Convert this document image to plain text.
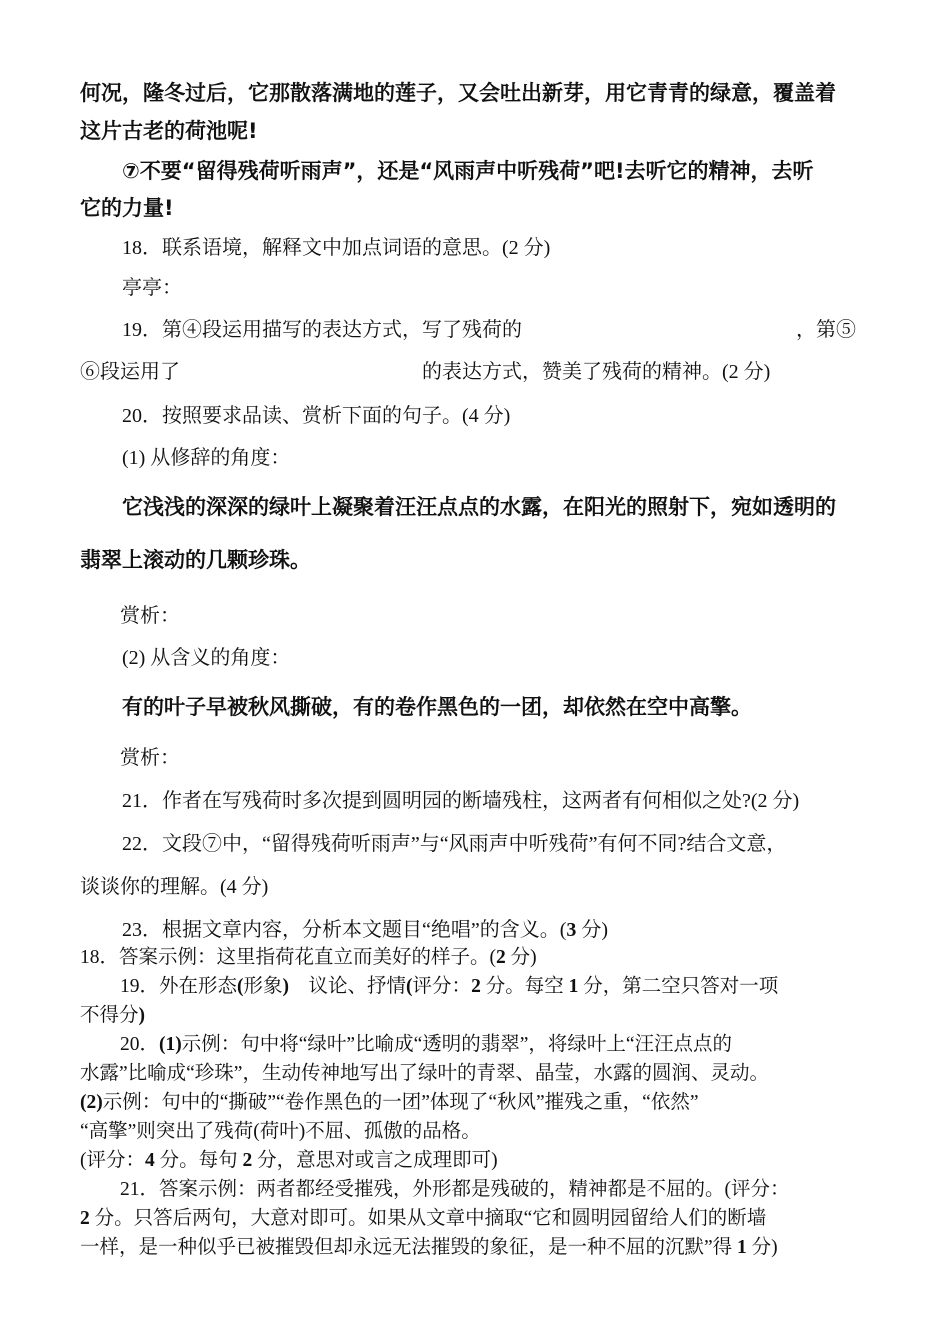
何况，隆冬过后，它那散落满地的莲子，又会吐出新芽，用它青青的绿意，覆盖着
这片古老的荷池呢!
⑦不要“留得残荷听雨声”，还是“风雨声中听残荷”吧!去听它的精神，去听
它的力量!
18．联系语境，解释文中加点词语的意思。(2 分)
亭亭：
19．第④段运用描写的表达方式，写了残荷的	，第⑤
⑥段运用了	的表达方式，赞美了残荷的精神。(2 分)
20．按照要求品读、赏析下面的句子。(4 分)
(1) 从修辞的角度：
它浅浅的深深的绿叶上凝聚着汪汪点点的水露，在阳光的照射下，宛如透明的
翡翠上滚动的几颗珍珠。
赏析：
(2) 从含义的角度：
有的叶子早被秋风撕破，有的卷作黑色的一团，却依然在空中高擎。
赏析：
21．作者在写残荷时多次提到圆明园的断墙残柱，这两者有何相似之处?(2 分)
22．文段⑦中，“留得残荷听雨声”与“风雨声中听残荷”有何不同?结合文意，
谈谈你的理解。(4 分)
23．根据文章内容，分析本文题目“绝唱”的含义。(3 分)
18．答案示例：这里指荷花直立而美好的样子。(2 分)
19．外在形态(形象)　议论、抒情(评分：2 分。每空 1 分，第二空只答对一项
不得分)
20．(1)示例：句中将“绿叶”比喻成“透明的翡翠”，将绿叶上“汪汪点点的
水露”比喻成“珍珠”，生动传神地写出了绿叶的青翠、晶莹，水露的圆润、灵动。
(2)示例：句中的“撕破”“卷作黑色的一团”体现了“秋风”摧残之重，“依然”
“高擎”则突出了残荷(荷叶)不屈、孤傲的品格。
(评分：4 分。每句 2 分，意思对或言之成理即可)
21．答案示例：两者都经受摧残，外形都是残破的，精神都是不屈的。(评分：
2 分。只答后两句，大意对即可。如果从文章中摘取“它和圆明园留给人们的断墙
一样，是一种似乎已被摧毁但却永远无法摧毁的象征，是一种不屈的沉默”得 1 分)
